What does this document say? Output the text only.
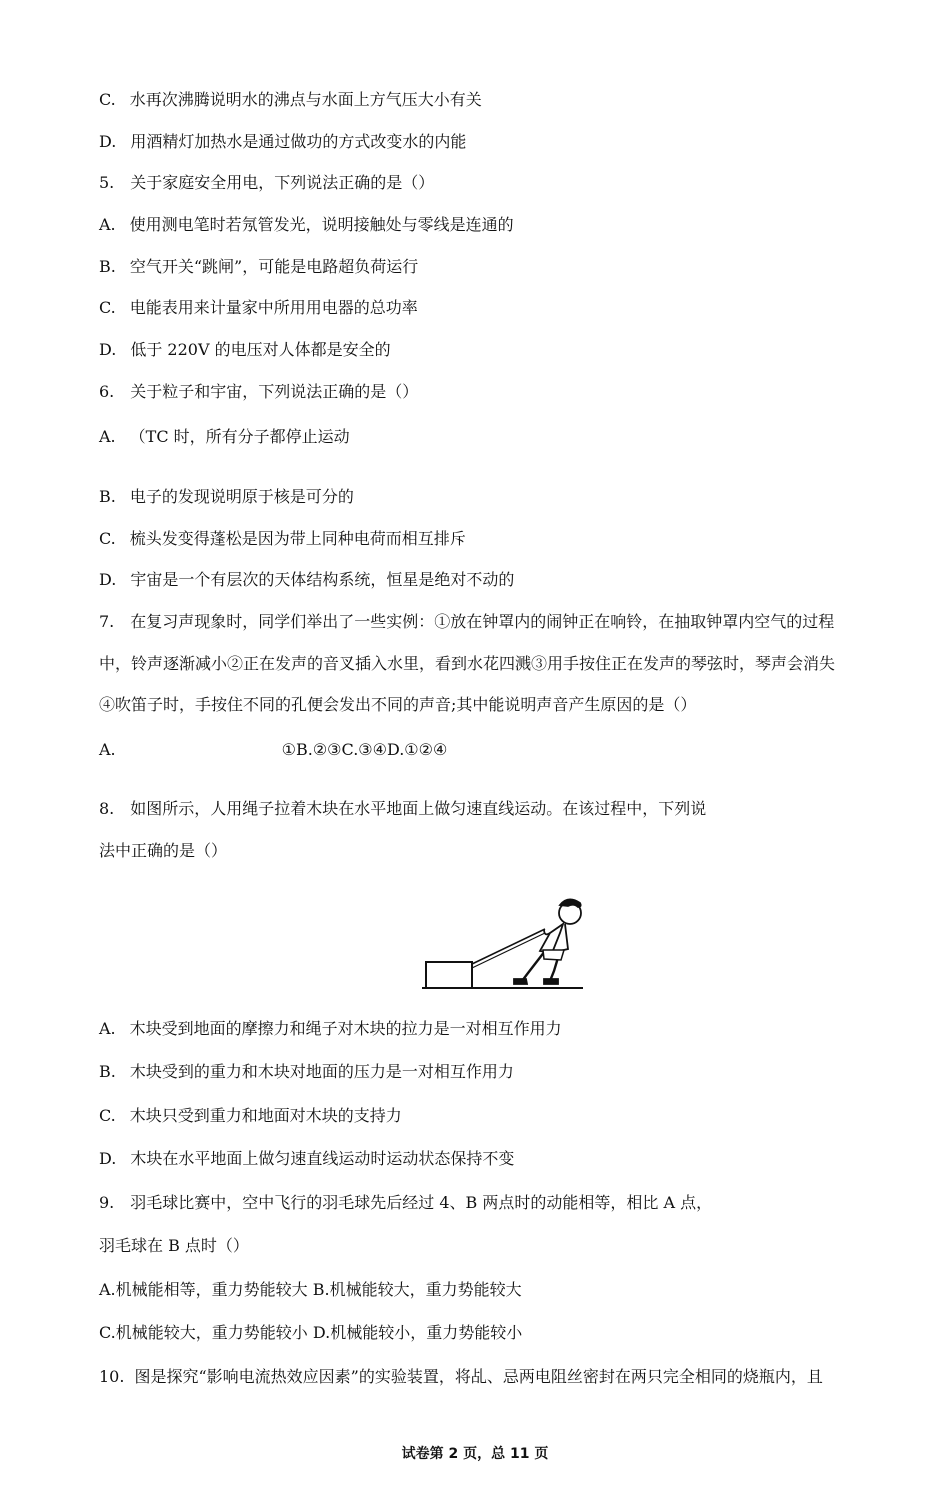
C. 水再次沸腾说明水的沸点与水面上方气压大小有关
D. 用酒精灯加热水是通过做功的方式改变水的内能
5. 关于家庭安全用电，下列说法正确的是（）
A. 使用测电笔时若氖管发光，说明接触处与零线是连通的
B. 空气开关“跳闸”，可能是电路超负荷运行
C. 电能表用来计量家中所用用电器的总功率
D. 低于 220V 的电压对人体都是安全的
6. 关于粒子和宇宙，下列说法正确的是（）
A. （TC 时，所有分子都停止运动
B. 电子的发现说明原于核是可分的
C. 梳头发变得蓬松是因为带上同种电荷而相互排斥
D. 宇宙是一个有层次的天体结构系统，恒星是绝对不动的
7. 在复习声现象时，同学们举出了一些实例：①放在钟罩内的闹钟正在响铃，在抽取钟罩内空气的过程
中，铃声逐渐减小②正在发声的音叉插入水里，看到水花四溅③用手按住正在发声的琴弦时，琴声会消失
④吹笛子时，手按住不同的孔便会发出不同的声音;其中能说明声音产生原因的是（）
A.	①B.②③C.③④D.①②④
8. 如图所示，人用绳子拉着木块在水平地面上做匀速直线运动。在该过程中，下列说
法中正确的是（）
A. 木块受到地面的摩擦力和绳子对木块的拉力是一对相互作用力
B. 木块受到的重力和木块对地面的压力是一对相互作用力
C. 木块只受到重力和地面对木块的支持力
D. 木块在水平地面上做匀速直线运动时运动状态保持不变
9. 羽毛球比赛中，空中飞行的羽毛球先后经过 4、B 两点时的动能相等，相比 A 点，
羽毛球在 B 点时（）
A.机械能相等，重力势能较大 B.机械能较大，重力势能较大
C.机械能较大，重力势能较小 D.机械能较小，重力势能较小
10. 图是探究“影响电流热效应因素”的实验装置，将乩、忌两电阻丝密封在两只完全相同的烧瓶内，且
试卷第 2 页，总 11 页
